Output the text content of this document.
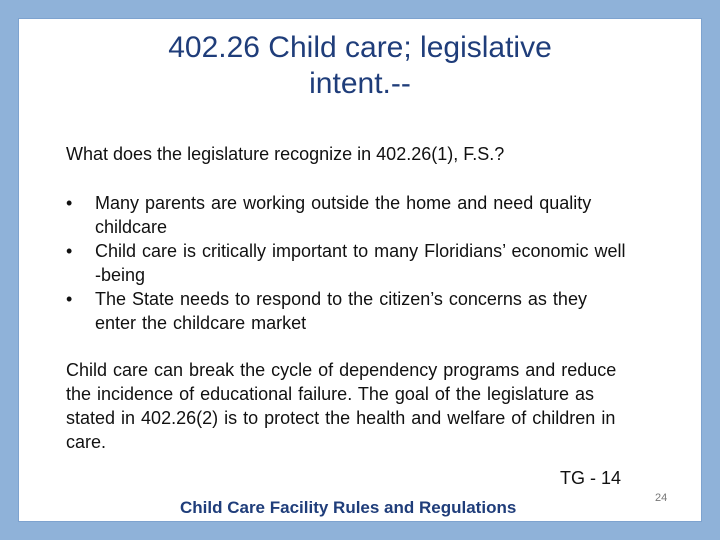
402.26 Child care; legislative
intent.--
What does the legislature recognize in 402.26(1), F.S.?
• Many parents are working outside the home and need quality
childcare
• Child care is critically important to many Floridians’ economic well
-being
• The State needs to respond to the citizen’s concerns as they
enter the childcare market
Child care can break the cycle of dependency programs and reduce
the incidence of educational failure. The goal of the legislature as
stated in 402.26(2) is to protect the health and welfare of children in
care.
TG - 14
Child Care Facility Rules and Regulations	24
